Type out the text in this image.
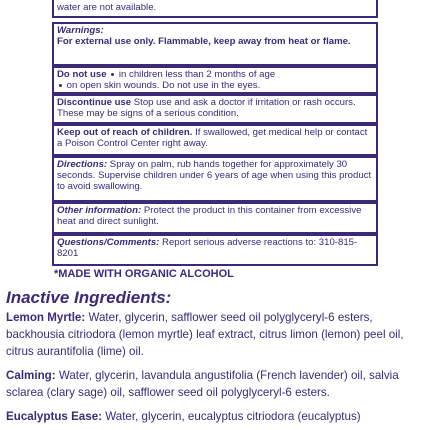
water are not available.
Warnings:
For external use only. Flammable, keep away from heat or flame.
Do not use in children less than 2 months of age
on open skin wounds. Do not use in the eyes.
Discontinue use Stop use and ask a doctor if irritation or rash occurs. These may be signs of a serious condition.
Keep out of reach of children. If swallowed, get medical help or contact a Poison Control Center right away.
Directions: Spray on palm, rub hands together for approximately 30 seconds. Supervise children under 6 years of age when using this product to avoid swallowing.
Other information: Protect the product in this container from excessive heat and direct sunlight.
Questions/Comments: Report serious adverse reactions to: 310-815-8201
*MADE WITH ORGANIC ALCOHOL
Inactive Ingredients:
Lemon Myrtle: Water, glycerin, safflower seed oil polyglyceryl-6 esters, backhousia citriodora (lemon myrtle) leaf extract, citrus limon (lemon) peel oil, citrus aurantifolia (lime) oil.
Calming: Water, glycerin, lavandula angustifolia (French lavender) oil, salvia sclarea (clary sage) oil, safflower seed oil polyglyceryl-6 esters.
Eucalyptus Ease: Water, glycerin, eucalyptus citriodora (eucalyptus)
